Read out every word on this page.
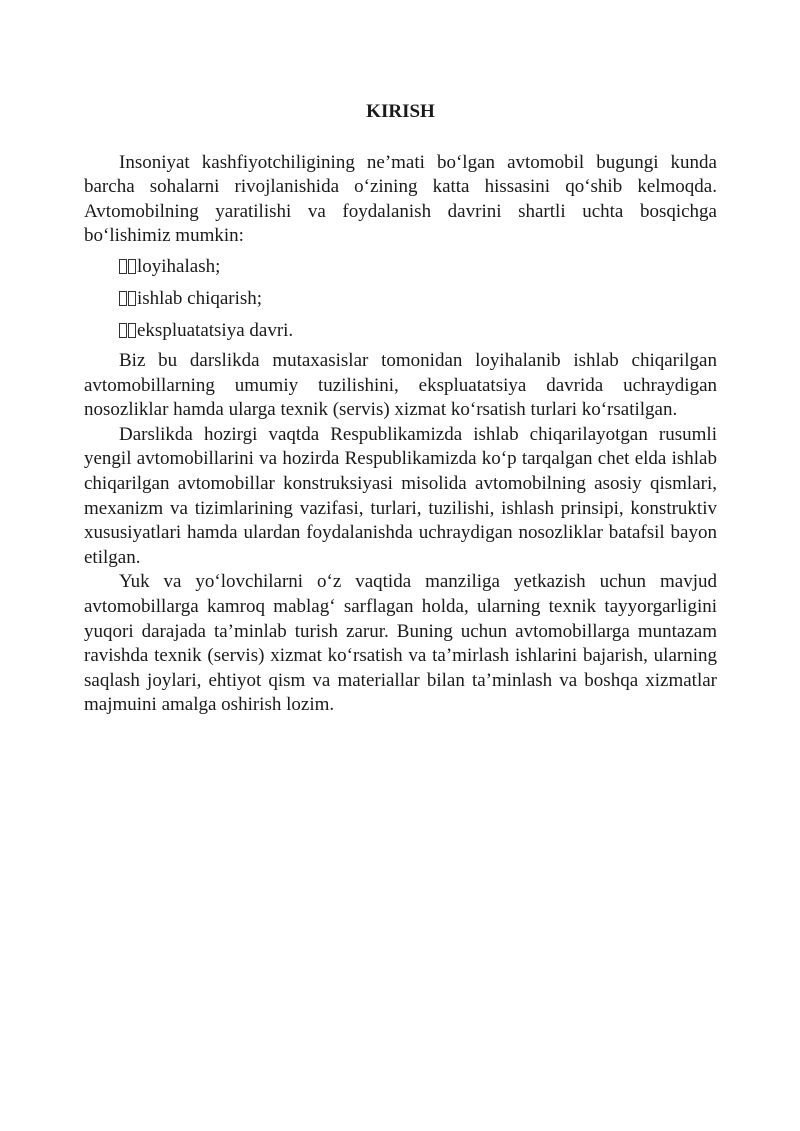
KIRISH

Insoniyat kashfiyotchiligining ne’mati bo‘lgan avtomobil bugungi kunda barcha sohalarni rivojlanishida o‘zining katta hissasini qo‘shib kelmoqda. Avtomobilning yaratilishi va foydalanish davrini shartli uchta bosqichga bo‘lishimiz mumkin:

loyihalash;
ishlab chiqarish;
ekspluatatsiya davri.

Biz bu darslikda mutaxasislar tomonidan loyihalanib ishlab chiqarilgan avtomobillarning umumiy tuzilishini, ekspluatatsiya davrida uchraydigan nosozliklar hamda ularga texnik (servis) xizmat ko‘rsatish turlari ko‘rsatilgan.

Darslikda hozirgi vaqtda Respublikamizda ishlab chiqarilayotgan rusumli yengil avtomobillarini va hozirda Respublikamizda ko‘p tarqalgan chet elda ishlab chiqarilgan avtomobillar konstruksiyasi misolida avtomobilning asosiy qismlari, mexanizm va tizimlarining vazifasi, turlari, tuzilishi, ishlash prinsipi, konstruktiv xususiyatlari hamda ulardan foydalanishda uchraydigan nosozliklar batafsil bayon etilgan.

Yuk va yo‘lovchilarni o‘z vaqtida manziliga yetkazish uchun mavjud avtomobillarga kamroq mablag‘ sarflagan holda, ularning texnik tayyorgarligini yuqori darajada ta’minlab turish zarur. Buning uchun avtomobillarga muntazam ravishda texnik (servis) xizmat ko‘rsatish va ta’mirlash ishlarini bajarish, ularning saqlash joylari, ehtiyot qism va materiallar bilan ta’minlash va boshqa xizmatlar majmuini amalga oshirish lozim.
